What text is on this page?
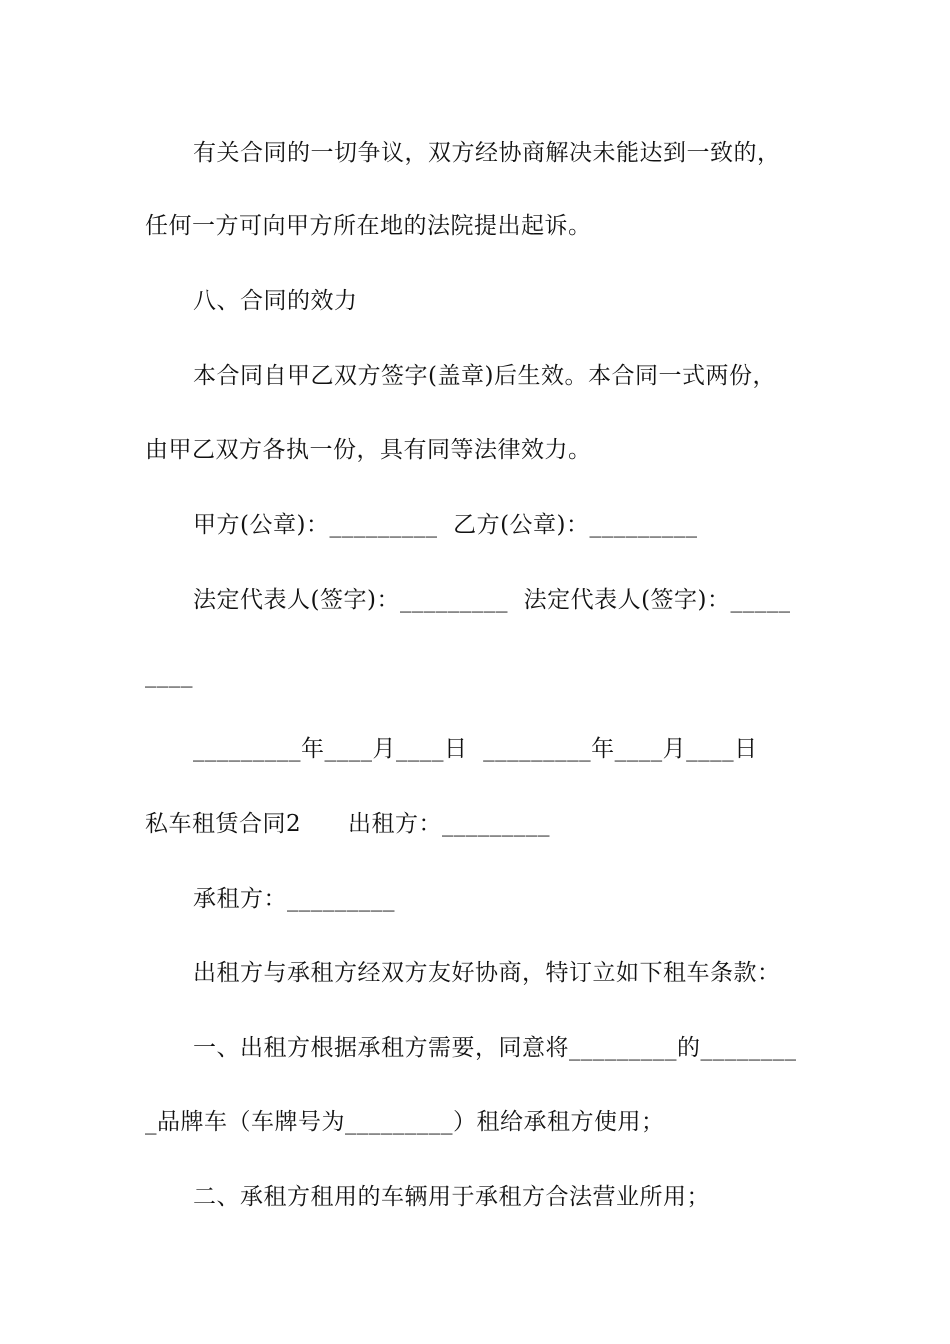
有关合同的一切争议，双方经协商解决未能达到一致的，
任何一方可向甲方所在地的法院提出起诉。
八、合同的效力
本合同自甲乙双方签字(盖章)后生效。本合同一式两份，
由甲乙双方各执一份，具有同等法律效力。
甲方(公章)：_________  乙方(公章)：_________
法定代表人(签字)：_________  法定代表人(签字)：_____
____
_________年____月____日  _________年____月____日
私车租赁合同2      出租方：_________
承租方：_________
出租方与承租方经双方友好协商，特订立如下租车条款：
一、出租方根据承租方需要，同意将_________的________
_品牌车（车牌号为_________）租给承租方使用；
二、承租方租用的车辆用于承租方合法营业所用；
